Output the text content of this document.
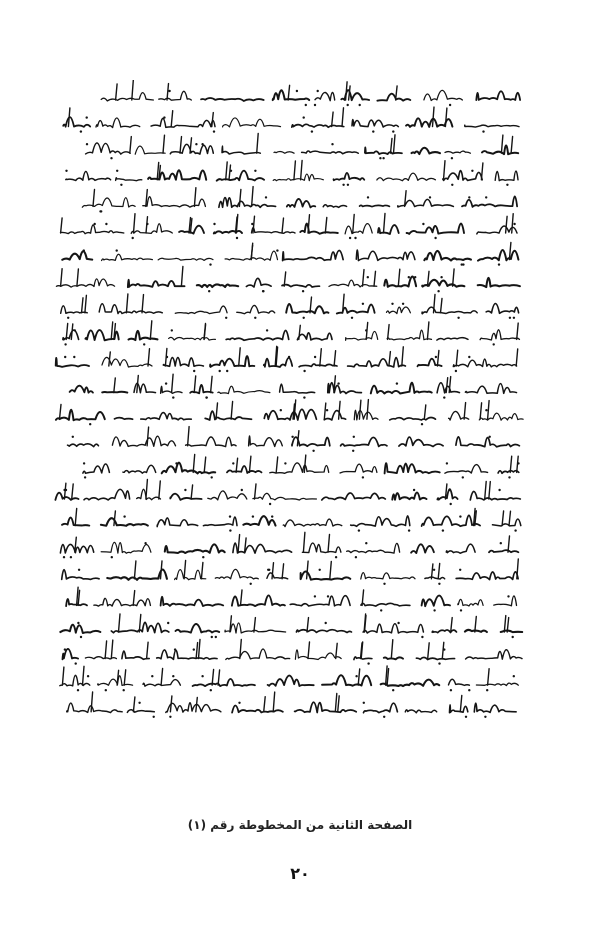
الصفحة الثانية من المخطوطة رقم (١)
٢٠
